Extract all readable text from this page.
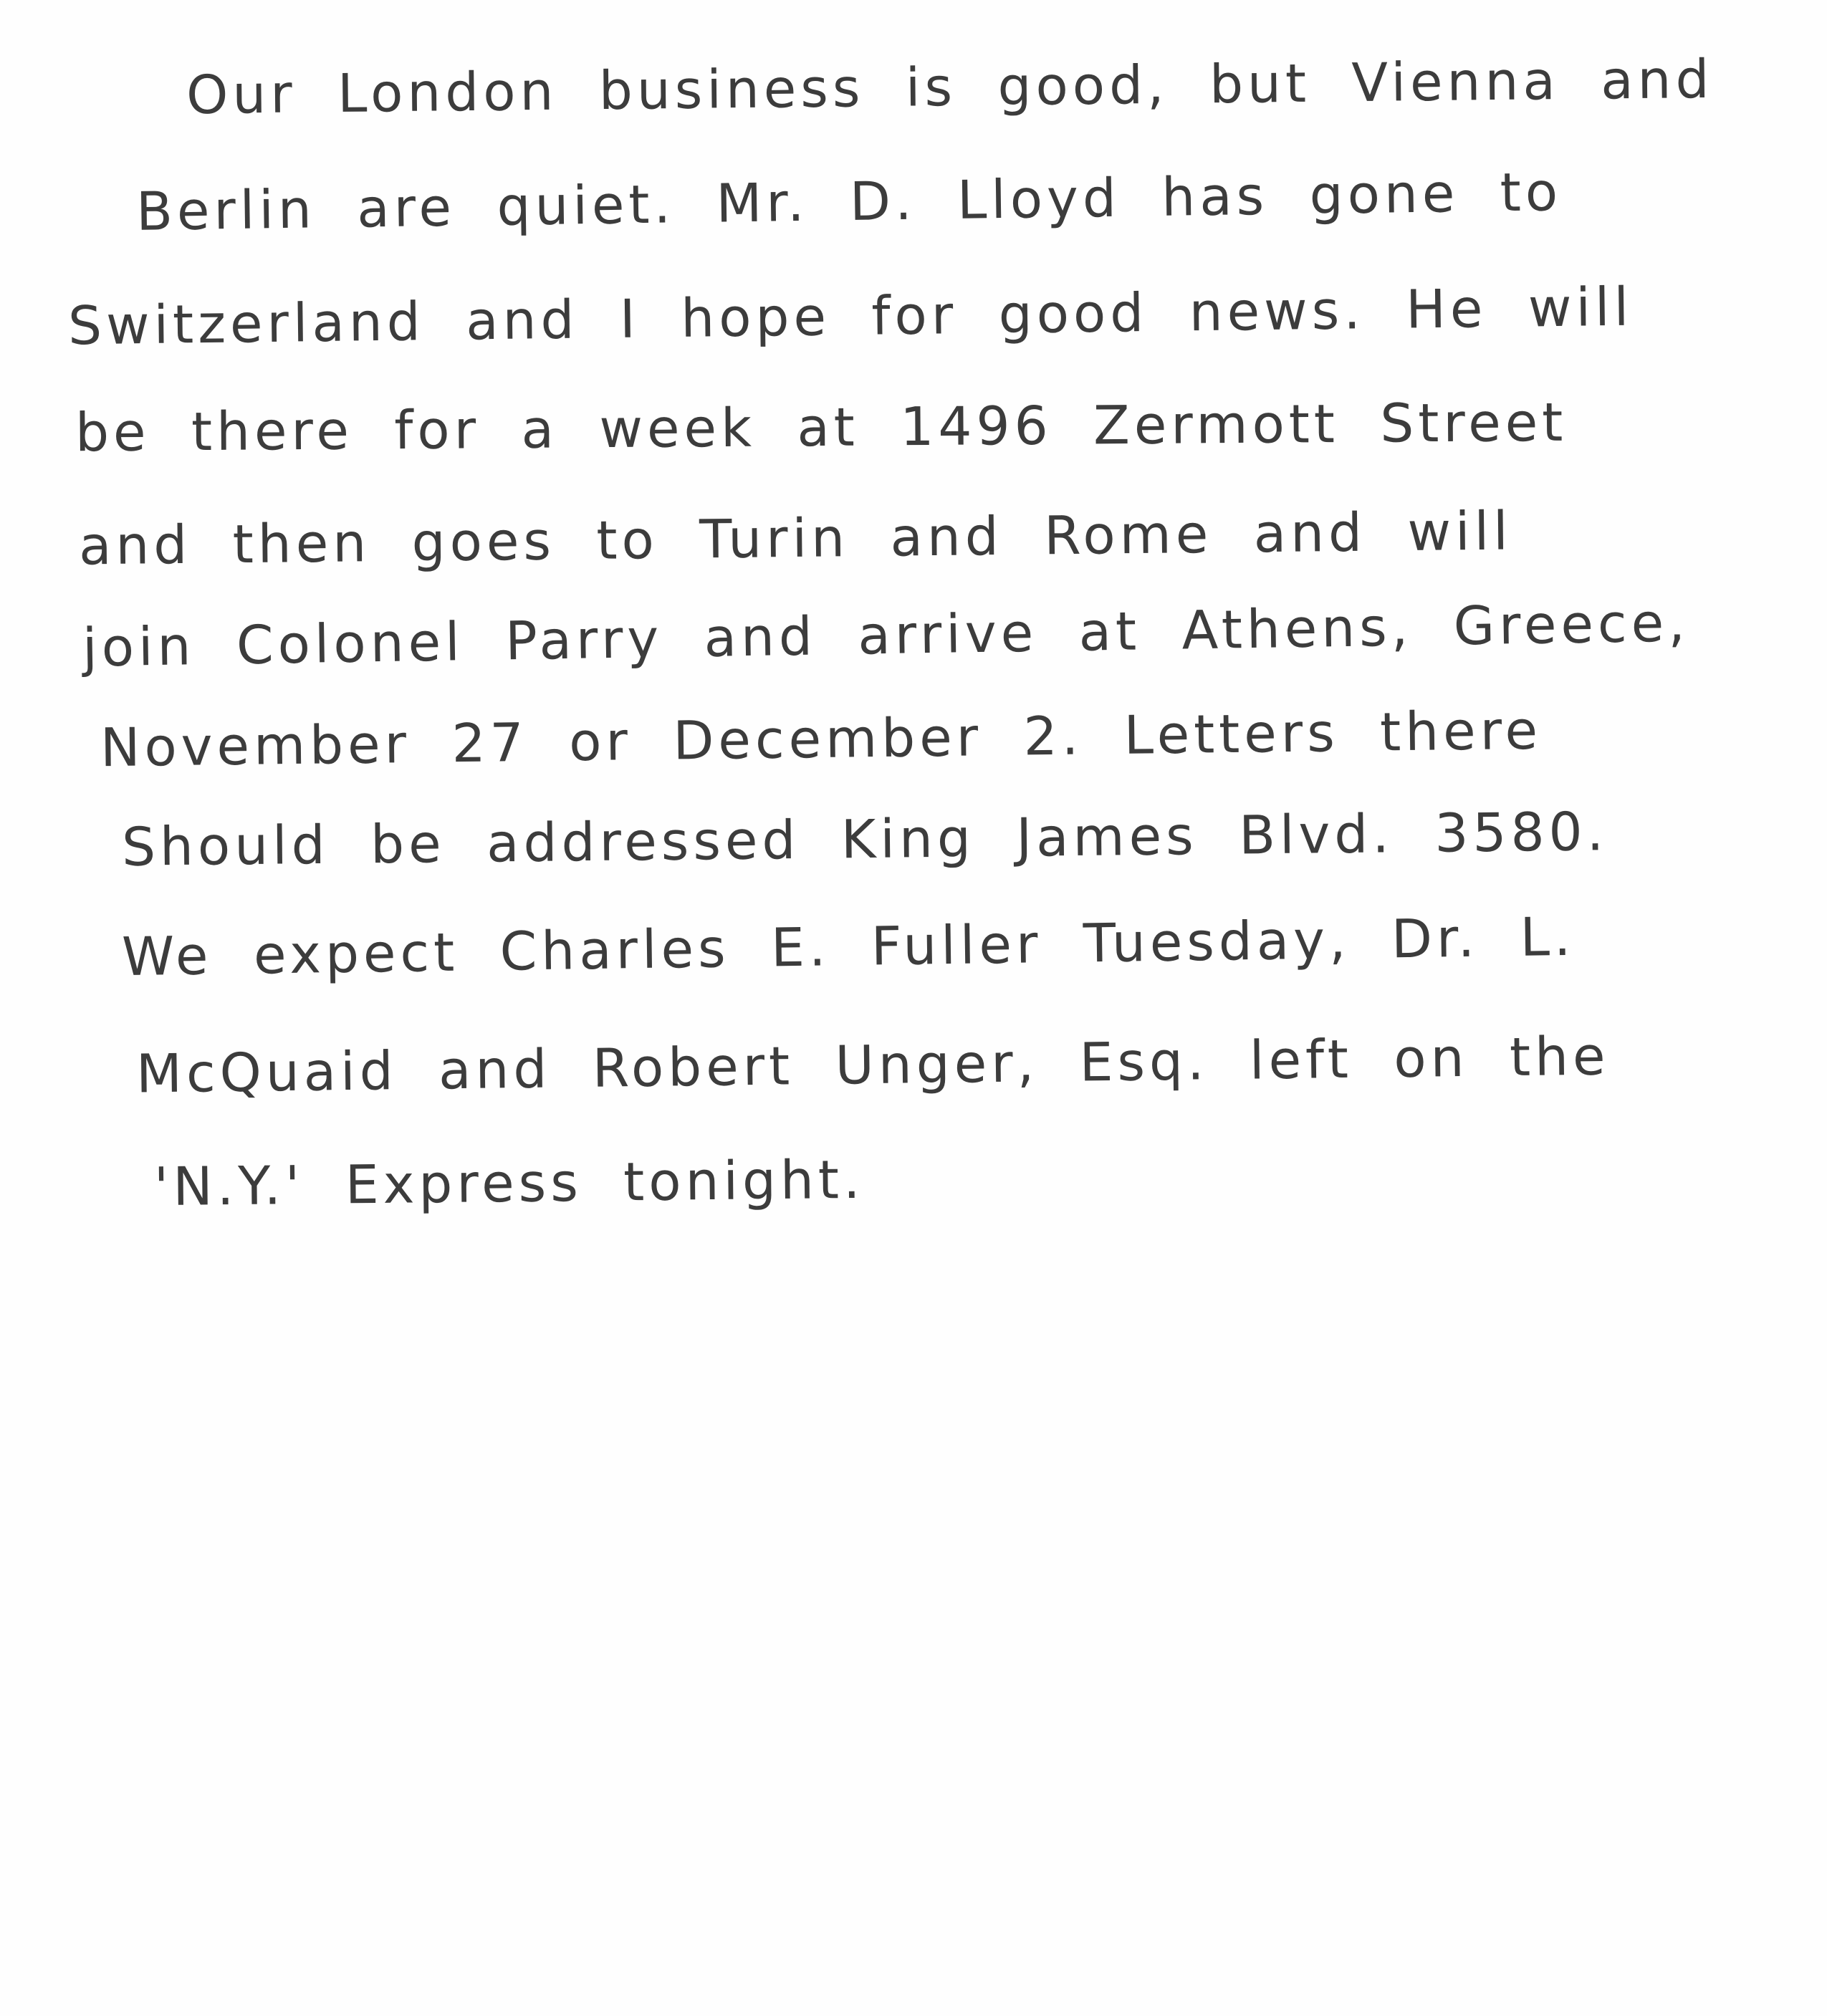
Our London business is good, but Vienna and
Berlin are quiet. Mr. D. Lloyd has gone to
Switzerland and I hope for good news. He will
be there for a week at 1496 Zermott Street
and then goes to Turin and Rome and will
join Colonel Parry and arrive at Athens, Greece,
November 27 or December 2. Letters there
Should be addressed King James Blvd. 3580.
We expect Charles E. Fuller Tuesday, Dr. L.
McQuaid and Robert Unger, Esq. left on the
'N.Y.' Express tonight.
